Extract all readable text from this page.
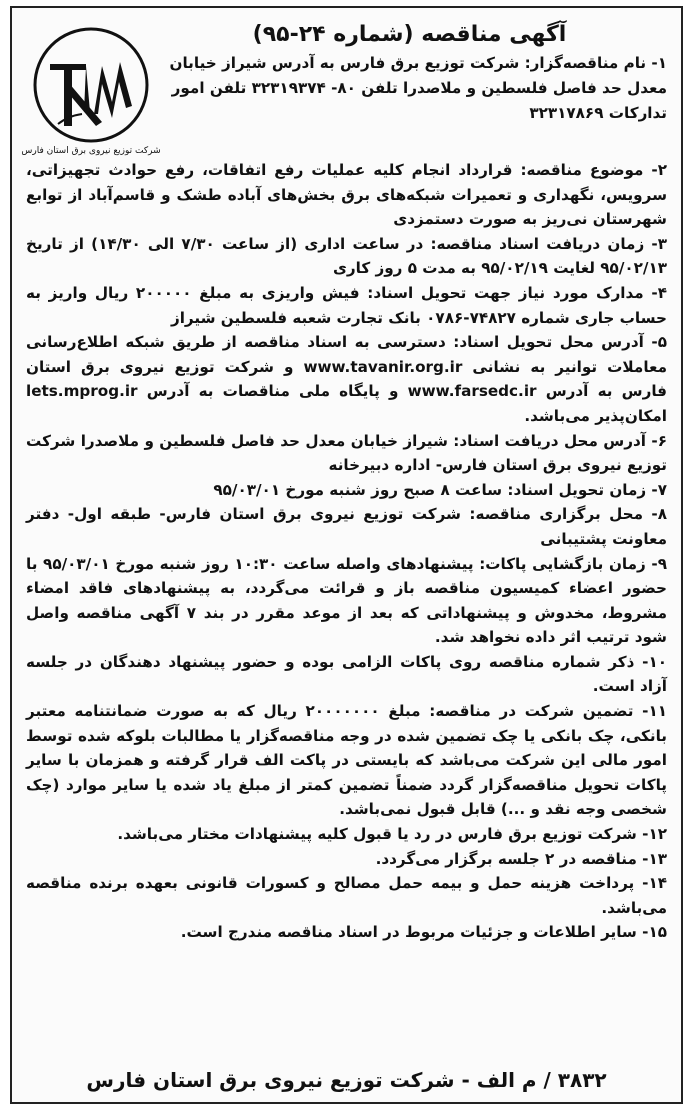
شرکت توزیع نیروی برق استان فارس
آگهی مناقصه (شماره ۲۴-۹۵)

۱- نام مناقصه‌گزار: شرکت توزیع برق فارس به آدرس شیراز خیابان معدل حد فاصل فلسطین و ملاصدرا تلفن ۸۰- ۳۲۳۱۹۳۷۴ تلفن امور تدارکات ۳۲۳۱۷۸۶۹

۲- موضوع مناقصه: قرارداد انجام کلیه عملیات رفع اتفاقات، رفع حوادث تجهیزاتی، سرویس، نگهداری و تعمیرات شبکه‌های برق بخش‌های آباده طشک و قاسم‌آباد از توابع شهرستان نی‌ریز به صورت دستمزدی

۳- زمان دریافت اسناد مناقصه: در ساعت اداری (از ساعت ۷/۳۰ الی ۱۴/۳۰) از تاریخ ۹۵/۰۲/۱۳ لغایت ۹۵/۰۲/۱۹ به مدت ۵ روز کاری

۴- مدارک مورد نیاز جهت تحویل اسناد: فیش واریزی به مبلغ ۲۰۰۰۰۰ ریال واریز به حساب جاری شماره ۷۴۸۲۷-۰۷۸۶ بانک تجارت شعبه فلسطین شیراز

۵- آدرس محل تحویل اسناد: دسترسی به اسناد مناقصه از طریق شبکه اطلاع‌رسانی معاملات توانیر به نشانی www.tavanir.org.ir و شرکت توزیع نیروی برق استان فارس به آدرس www.farsedc.ir و پایگاه ملی مناقصات به آدرس lets.mprog.ir امکان‌پذیر می‌باشد.

۶- آدرس محل دریافت اسناد: شیراز خیابان معدل حد فاصل فلسطین و ملاصدرا شرکت توزیع نیروی برق استان فارس- اداره دبیرخانه

۷- زمان تحویل اسناد: ساعت ۸ صبح روز شنبه مورخ ۹۵/۰۳/۰۱

۸- محل برگزاری مناقصه: شرکت توزیع نیروی برق استان فارس- طبقه اول- دفتر معاونت پشتیبانی

۹- زمان بازگشایی پاکات: پیشنهادهای واصله ساعت ۱۰:۳۰ روز شنبه مورخ ۹۵/۰۳/۰۱ با حضور اعضاء کمیسیون مناقصه باز و قرائت می‌گردد، به پیشنهادهای فاقد امضاء مشروط، مخدوش و پیشنهاداتی که بعد از موعد مقرر در بند ۷ آگهی مناقصه واصل شود ترتیب اثر داده نخواهد شد.

۱۰- ذکر شماره مناقصه روی پاکات الزامی بوده و حضور پیشنهاد دهندگان در جلسه آزاد است.

۱۱- تضمین شرکت در مناقصه: مبلغ ۲۰۰۰۰۰۰۰ ریال که به صورت ضمانتنامه معتبر بانکی، چک بانکی یا چک تضمین شده در وجه مناقصه‌گزار یا مطالبات بلوکه شده توسط امور مالی این شرکت می‌باشد که بایستی در پاکت الف قرار گرفته و همزمان با سایر پاکات تحویل مناقصه‌گزار گردد ضمناً تضمین کمتر از مبلغ یاد شده یا سایر موارد (چک شخصی وجه نقد و ...) قابل قبول نمی‌باشد.

۱۲- شرکت توزیع برق فارس در رد یا قبول کلیه پیشنهادات مختار می‌باشد.

۱۳- مناقصه در ۲ جلسه برگزار می‌گردد.

۱۴- پرداخت هزینه حمل و بیمه حمل مصالح و کسورات قانونی بعهده برنده مناقصه می‌باشد.

۱۵- سایر اطلاعات و جزئیات مربوط در اسناد مناقصه مندرج است.

۳۸۳۲ / م الف - شرکت توزیع نیروی برق استان فارس
